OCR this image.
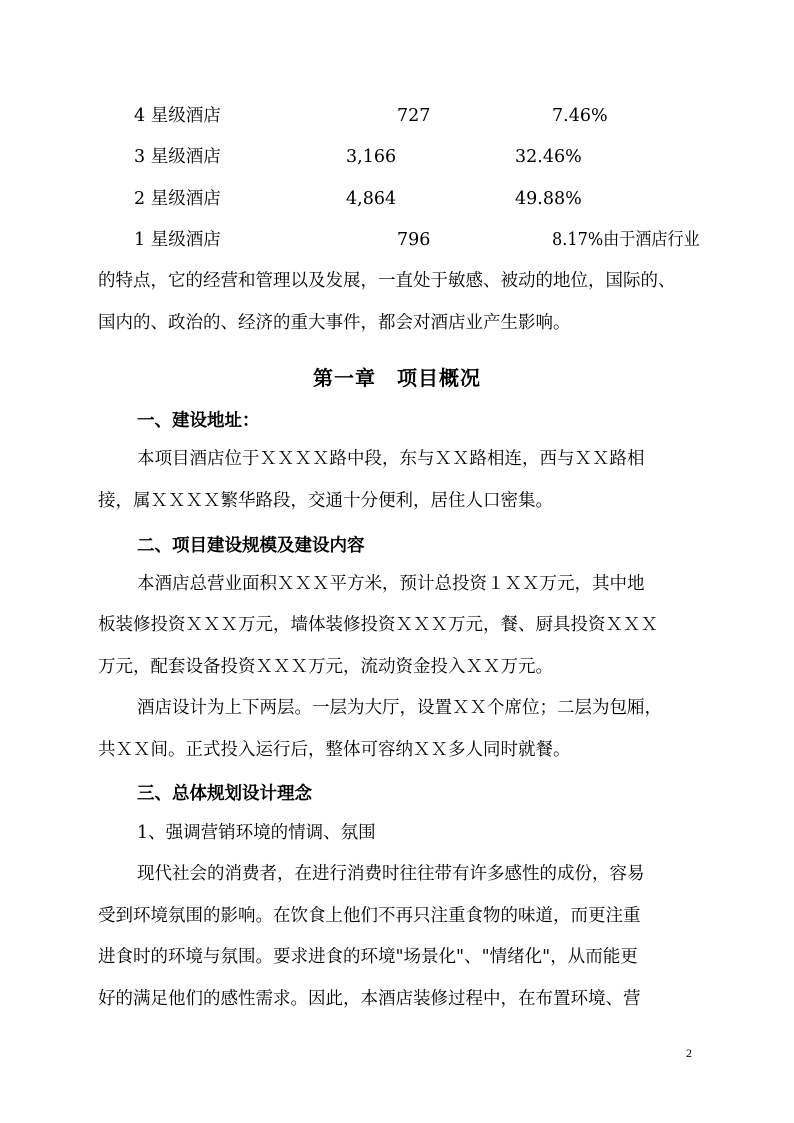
4 星级酒店	727	7.46%
3 星级酒店	3,166	32.46%
2 星级酒店	4,864	49.88%
1 星级酒店	796	8.17%由于酒店行业
的特点，它的经营和管理以及发展，一直处于敏感、被动的地位，国际的、
国内的、政治的、经济的重大事件，都会对酒店业产生影响。
第一章　项目概况
一、建设地址：
本项目酒店位于ＸＸＸＸ路中段，东与ＸＸ路相连，西与ＸＸ路相
接，属ＸＸＸＸ繁华路段，交通十分便利，居住人口密集。
二、项目建设规模及建设内容
本酒店总营业面积ＸＸＸ平方米，预计总投资１ＸＸ万元，其中地
板装修投资ＸＸＸ万元，墙体装修投资ＸＸＸ万元，餐、厨具投资ＸＸＸ
万元，配套设备投资ＸＸＸ万元，流动资金投入ＸＸ万元。
酒店设计为上下两层。一层为大厅，设置ＸＸ个席位；二层为包厢，
共ＸＸ间。正式投入运行后，整体可容纳ＸＸ多人同时就餐。
三、总体规划设计理念
1、强调营销环境的情调、氛围
现代社会的消费者，在进行消费时往往带有许多感性的成份，容易
受到环境氛围的影响。在饮食上他们不再只注重食物的味道，而更注重
进食时的环境与氛围。要求进食的环境"场景化"、"情绪化"，从而能更
好的满足他们的感性需求。因此，本酒店装修过程中，在布置环境、营
2
